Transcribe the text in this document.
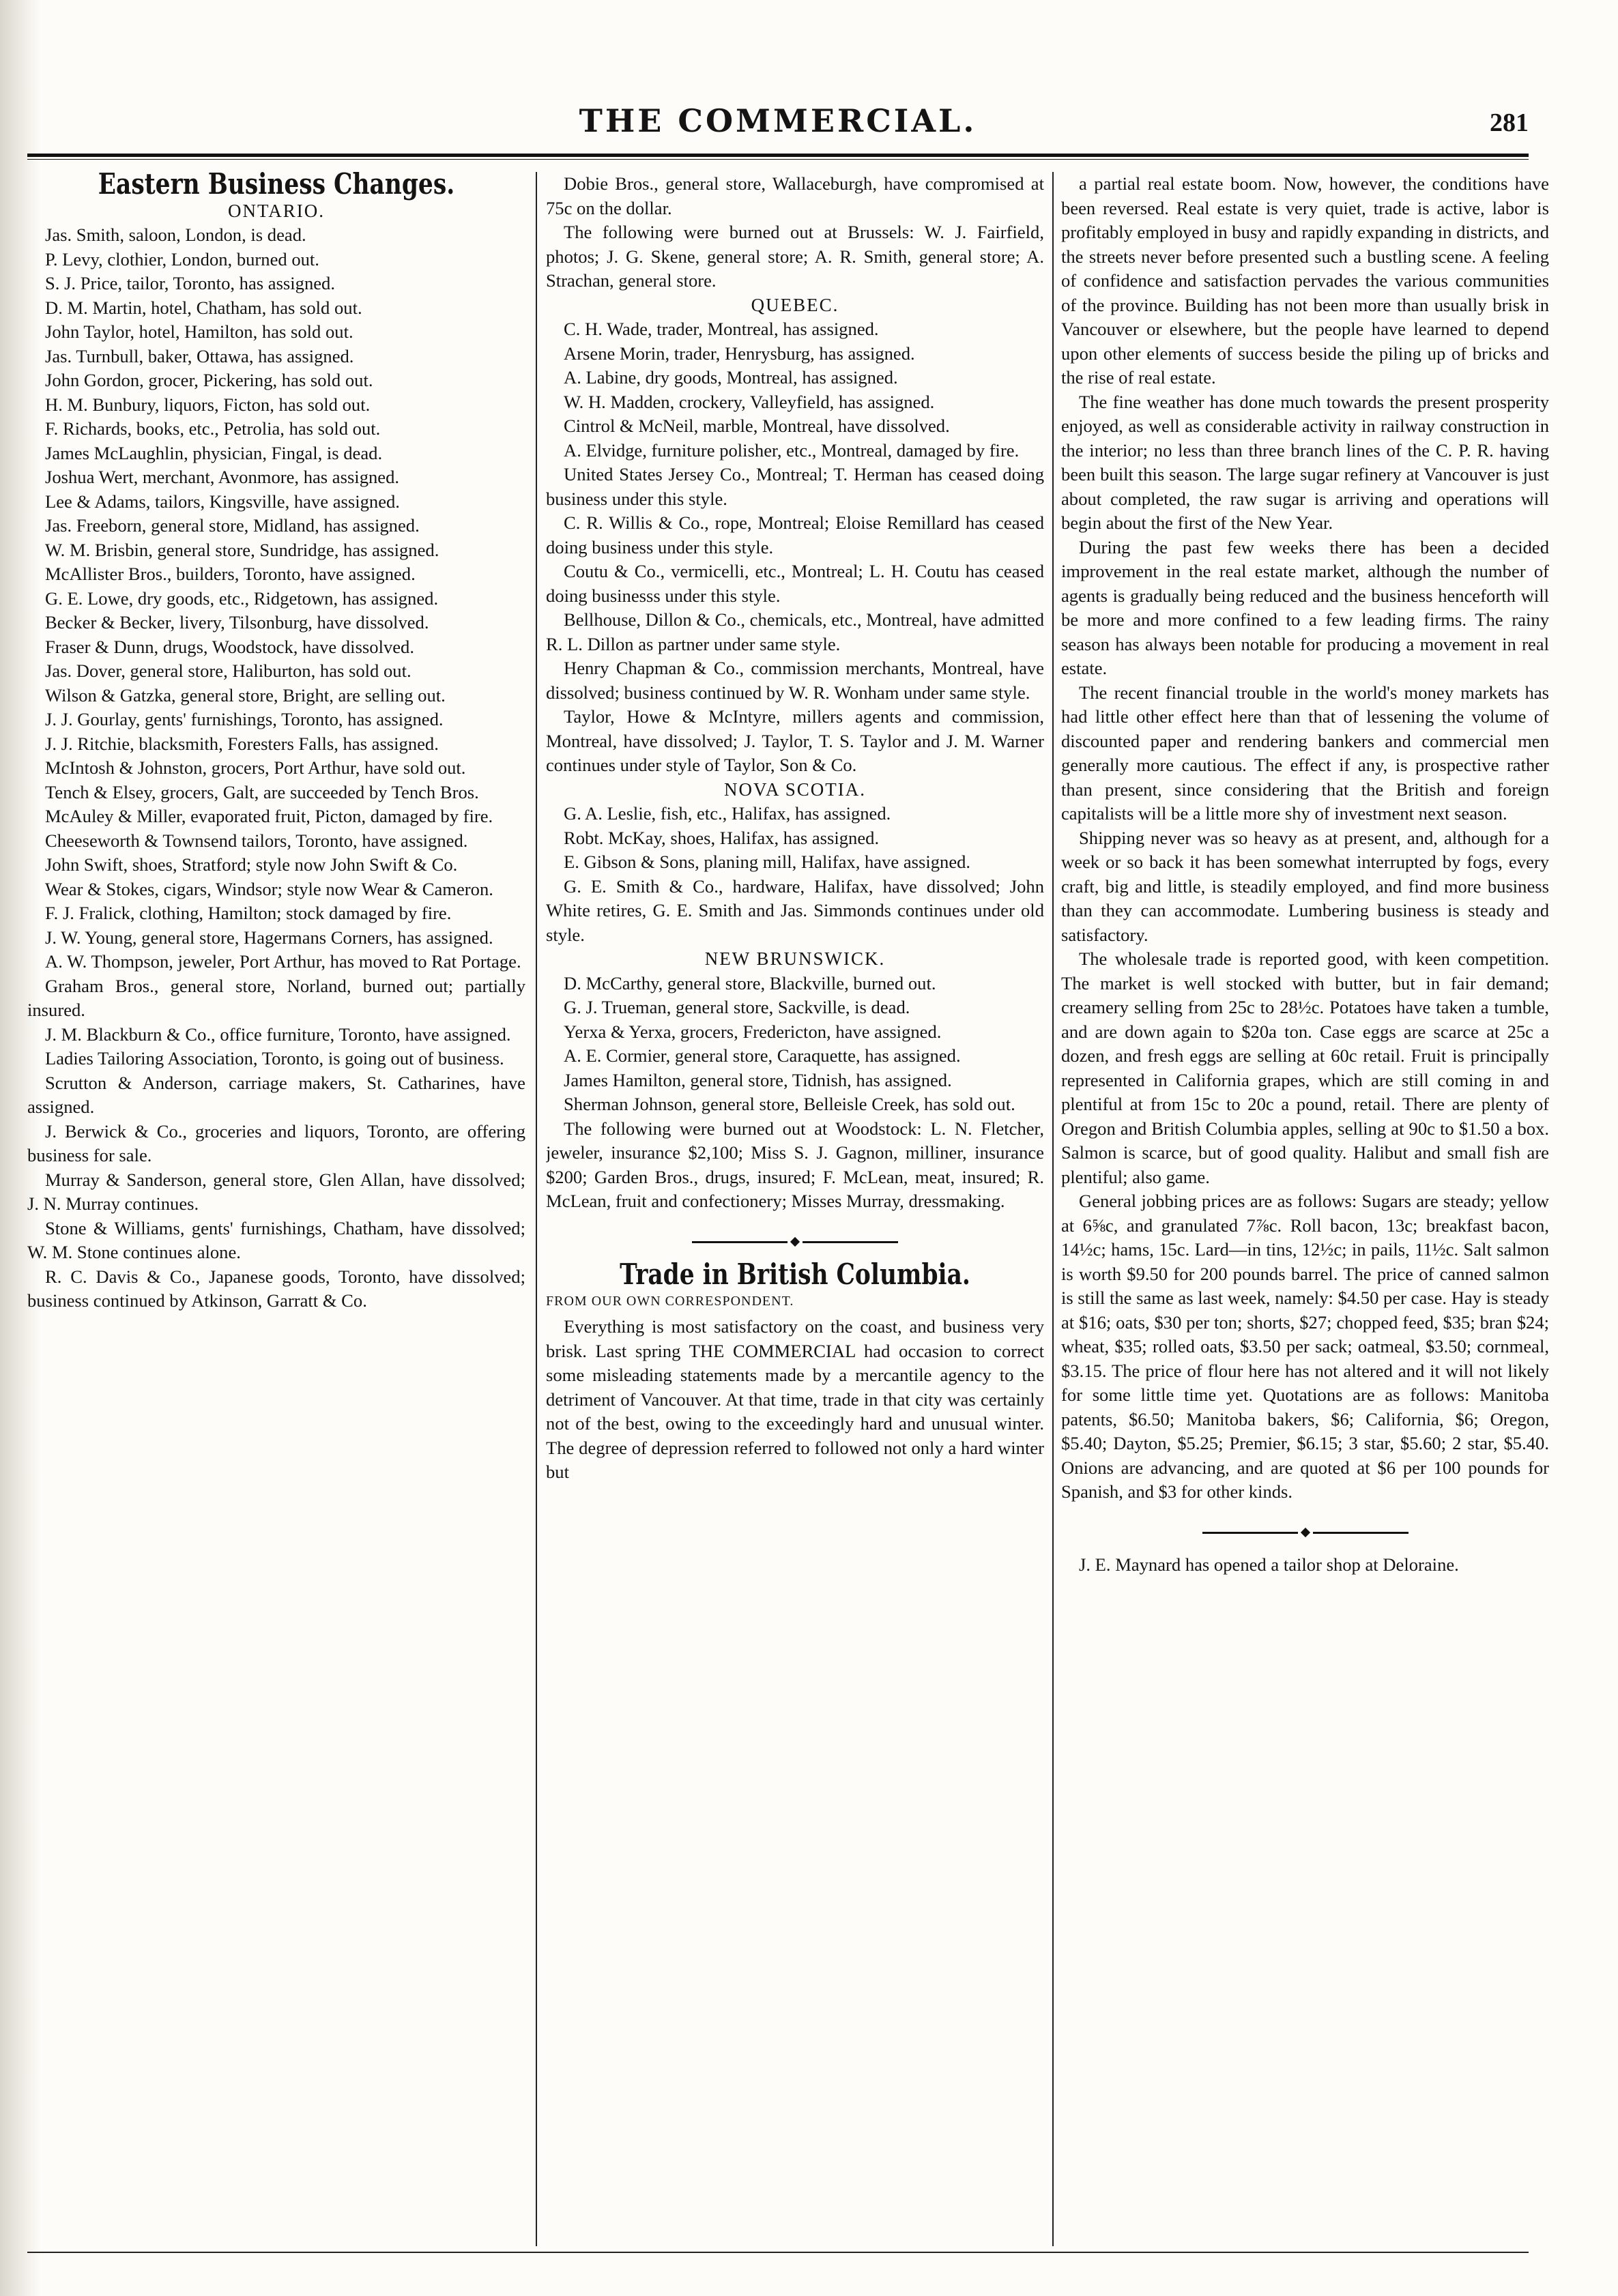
THE COMMERCIAL.	281
Eastern Business Changes.
ONTARIO.

Jas. Smith, saloon, London, is dead.

P. Levy, clothier, London, burned out.

S. J. Price, tailor, Toronto, has assigned.

D. M. Martin, hotel, Chatham, has sold out.

John Taylor, hotel, Hamilton, has sold out.

Jas. Turnbull, baker, Ottawa, has assigned.

John Gordon, grocer, Pickering, has sold out.

H. M. Bunbury, liquors, Ficton, has sold out.

F. Richards, books, etc., Petrolia, has sold out.

James McLaughlin, physician, Fingal, is dead.

Joshua Wert, merchant, Avonmore, has assigned.

Lee & Adams, tailors, Kingsville, have assigned.

Jas. Freeborn, general store, Midland, has assigned.

W. M. Brisbin, general store, Sundridge, has assigned.

McAllister Bros., builders, Toronto, have assigned.

G. E. Lowe, dry goods, etc., Ridgetown, has assigned.

Becker & Becker, livery, Tilsonburg, have dissolved.

Fraser & Dunn, drugs, Woodstock, have dissolved.

Jas. Dover, general store, Haliburton, has sold out.

Wilson & Gatzka, general store, Bright, are selling out.

J. J. Gourlay, gents' furnishings, Toronto, has assigned.

J. J. Ritchie, blacksmith, Foresters Falls, has assigned.

McIntosh & Johnston, grocers, Port Arthur, have sold out.

Tench & Elsey, grocers, Galt, are succeeded by Tench Bros.

McAuley & Miller, evaporated fruit, Picton, damaged by fire.

Cheeseworth & Townsend tailors, Toronto, have assigned.

John Swift, shoes, Stratford; style now John Swift & Co.

Wear & Stokes, cigars, Windsor; style now Wear & Cameron.

F. J. Fralick, clothing, Hamilton; stock damaged by fire.

J. W. Young, general store, Hagermans Corners, has assigned.

A. W. Thompson, jeweler, Port Arthur, has moved to Rat Portage.

Graham Bros., general store, Norland, burned out; partially insured.

J. M. Blackburn & Co., office furniture, Toronto, have assigned.

Ladies Tailoring Association, Toronto, is going out of business.

Scrutton & Anderson, carriage makers, St. Catharines, have assigned.

J. Berwick & Co., groceries and liquors, Toronto, are offering business for sale.

Murray & Sanderson, general store, Glen Allan, have dissolved; J. N. Murray continues.

Stone & Williams, gents' furnishings, Chatham, have dissolved; W. M. Stone continues alone.

R. C. Davis & Co., Japanese goods, Toronto, have dissolved; business continued by Atkinson, Garratt & Co.

Dobie Bros., general store, Wallaceburgh, have compromised at 75c on the dollar.

The following were burned out at Brussels: W. J. Fairfield, photos; J. G. Skene, general store; A. R. Smith, general store; A. Strachan, general store.

QUEBEC.

C. H. Wade, trader, Montreal, has assigned.

Arsene Morin, trader, Henrysburg, has assigned.

A. Labine, dry goods, Montreal, has assigned.

W. H. Madden, crockery, Valleyfield, has assigned.

Cintrol & McNeil, marble, Montreal, have dissolved.

A. Elvidge, furniture polisher, etc., Montreal, damaged by fire.

United States Jersey Co., Montreal; T. Herman has ceased doing business under this style.

C. R. Willis & Co., rope, Montreal; Eloise Remillard has ceased doing business under this style.

Coutu & Co., vermicelli, etc., Montreal; L. H. Coutu has ceased doing businesss under this style.

Bellhouse, Dillon & Co., chemicals, etc., Montreal, have admitted R. L. Dillon as partner under same style.

Henry Chapman & Co., commission merchants, Montreal, have dissolved; business continued by W. R. Wonham under same style.

Taylor, Howe & McIntyre, millers agents and commission, Montreal, have dissolved; J. Taylor, T. S. Taylor and J. M. Warner continues under style of Taylor, Son & Co.

NOVA SCOTIA.

G. A. Leslie, fish, etc., Halifax, has assigned.

Robt. McKay, shoes, Halifax, has assigned.

E. Gibson & Sons, planing mill, Halifax, have assigned.

G. E. Smith & Co., hardware, Halifax, have dissolved; John White retires, G. E. Smith and Jas. Simmonds continues under old style.

NEW BRUNSWICK.

D. McCarthy, general store, Blackville, burned out.

G. J. Trueman, general store, Sackville, is dead.

Yerxa & Yerxa, grocers, Fredericton, have assigned.

A. E. Cormier, general store, Caraquette, has assigned.

James Hamilton, general store, Tidnish, has assigned.

Sherman Johnson, general store, Belleisle Creek, has sold out.

The following were burned out at Woodstock: L. N. Fletcher, jeweler, insurance $2,100; Miss S. J. Gagnon, milliner, insurance $200; Garden Bros., drugs, insured; F. McLean, meat, insured; R. McLean, fruit and confectionery; Misses Murray, dressmaking.

Trade in British Columbia.
FROM OUR OWN CORRESPONDENT.

Everything is most satisfactory on the coast, and business very brisk. Last spring THE COMMERCIAL had occasion to correct some misleading statements made by a mercantile agency to the detriment of Vancouver. At that time, trade in that city was certainly not of the best, owing to the exceedingly hard and unusual winter. The degree of depression referred to followed not only a hard winter but

a partial real estate boom. Now, however, the conditions have been reversed. Real estate is very quiet, trade is active, labor is profitably employed in busy and rapidly expanding in districts, and the streets never before presented such a bustling scene. A feeling of confidence and satisfaction pervades the various communities of the province. Building has not been more than usually brisk in Vancouver or elsewhere, but the people have learned to depend upon other elements of success beside the piling up of bricks and the rise of real estate.

The fine weather has done much towards the present prosperity enjoyed, as well as considerable activity in railway construction in the interior; no less than three branch lines of the C. P. R. having been built this season. The large sugar refinery at Vancouver is just about completed, the raw sugar is arriving and operations will begin about the first of the New Year.

During the past few weeks there has been a decided improvement in the real estate market, although the number of agents is gradually being reduced and the business henceforth will be more and more confined to a few leading firms. The rainy season has always been notable for producing a movement in real estate.

The recent financial trouble in the world's money markets has had little other effect here than that of lessening the volume of discounted paper and rendering bankers and commercial men generally more cautious. The effect if any, is prospective rather than present, since considering that the British and foreign capitalists will be a little more shy of investment next season.

Shipping never was so heavy as at present, and, although for a week or so back it has been somewhat interrupted by fogs, every craft, big and little, is steadily employed, and find more business than they can accommodate. Lumbering business is steady and satisfactory.

The wholesale trade is reported good, with keen competition. The market is well stocked with butter, but in fair demand; creamery selling from 25c to 28½c. Potatoes have taken a tumble, and are down again to $20a ton. Case eggs are scarce at 25c a dozen, and fresh eggs are selling at 60c retail. Fruit is principally represented in California grapes, which are still coming in and plentiful at from 15c to 20c a pound, retail. There are plenty of Oregon and British Columbia apples, selling at 90c to $1.50 a box. Salmon is scarce, but of good quality. Halibut and small fish are plentiful; also game.

General jobbing prices are as follows: Sugars are steady; yellow at 6⅝c, and granulated 7⅞c. Roll bacon, 13c; breakfast bacon, 14½c; hams, 15c. Lard—in tins, 12½c; in pails, 11½c. Salt salmon is worth $9.50 for 200 pounds barrel. The price of canned salmon is still the same as last week, namely: $4.50 per case. Hay is steady at $16; oats, $30 per ton; shorts, $27; chopped feed, $35; bran $24; wheat, $35; rolled oats, $3.50 per sack; oatmeal, $3.50; cornmeal, $3.15. The price of flour here has not altered and it will not likely for some little time yet. Quotations are as follows: Manitoba patents, $6.50; Manitoba bakers, $6; California, $6; Oregon, $5.40; Dayton, $5.25; Premier, $6.15; 3 star, $5.60; 2 star, $5.40. Onions are advancing, and are quoted at $6 per 100 pounds for Spanish, and $3 for other kinds.

J. E. Maynard has opened a tailor shop at Deloraine.
